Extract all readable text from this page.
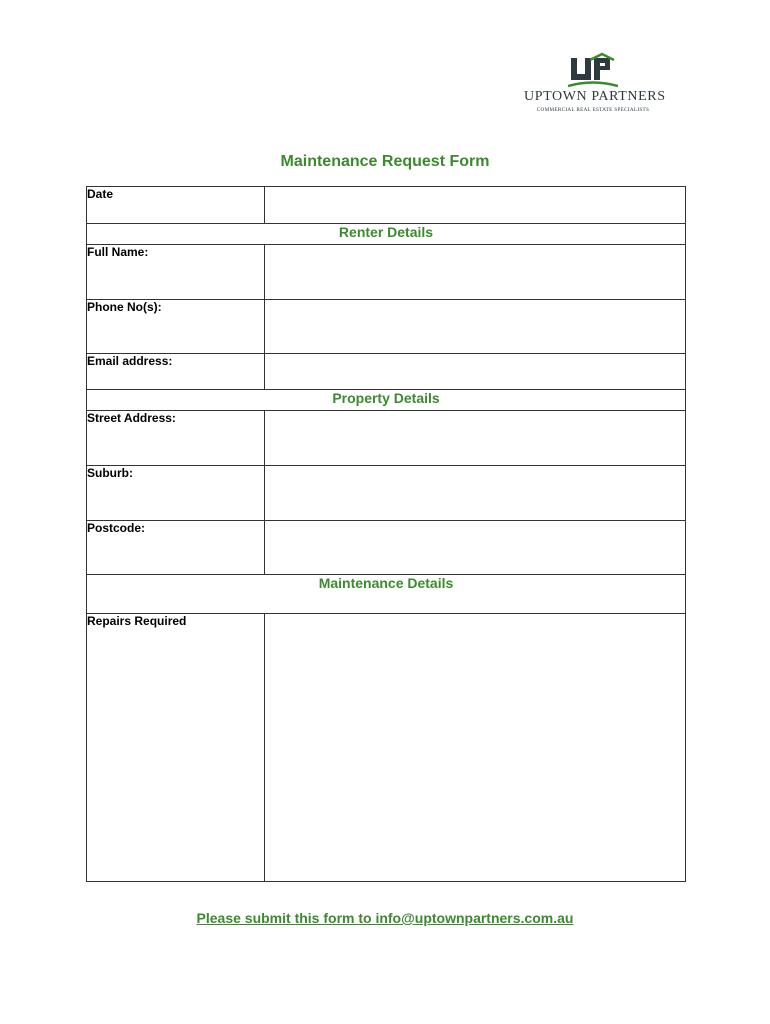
UPTOWN PARTNERS
COMMERCIAL REAL ESTATE SPECIALISTS
Maintenance Request Form
Date	
Renter Details	
Full Name:	
Phone No(s):	
Email address:	
Property Details	
Street Address:	
Suburb:	
Postcode:	
Maintenance Details	
Repairs Required	
Please submit this form to info@uptownpartners.com.au
